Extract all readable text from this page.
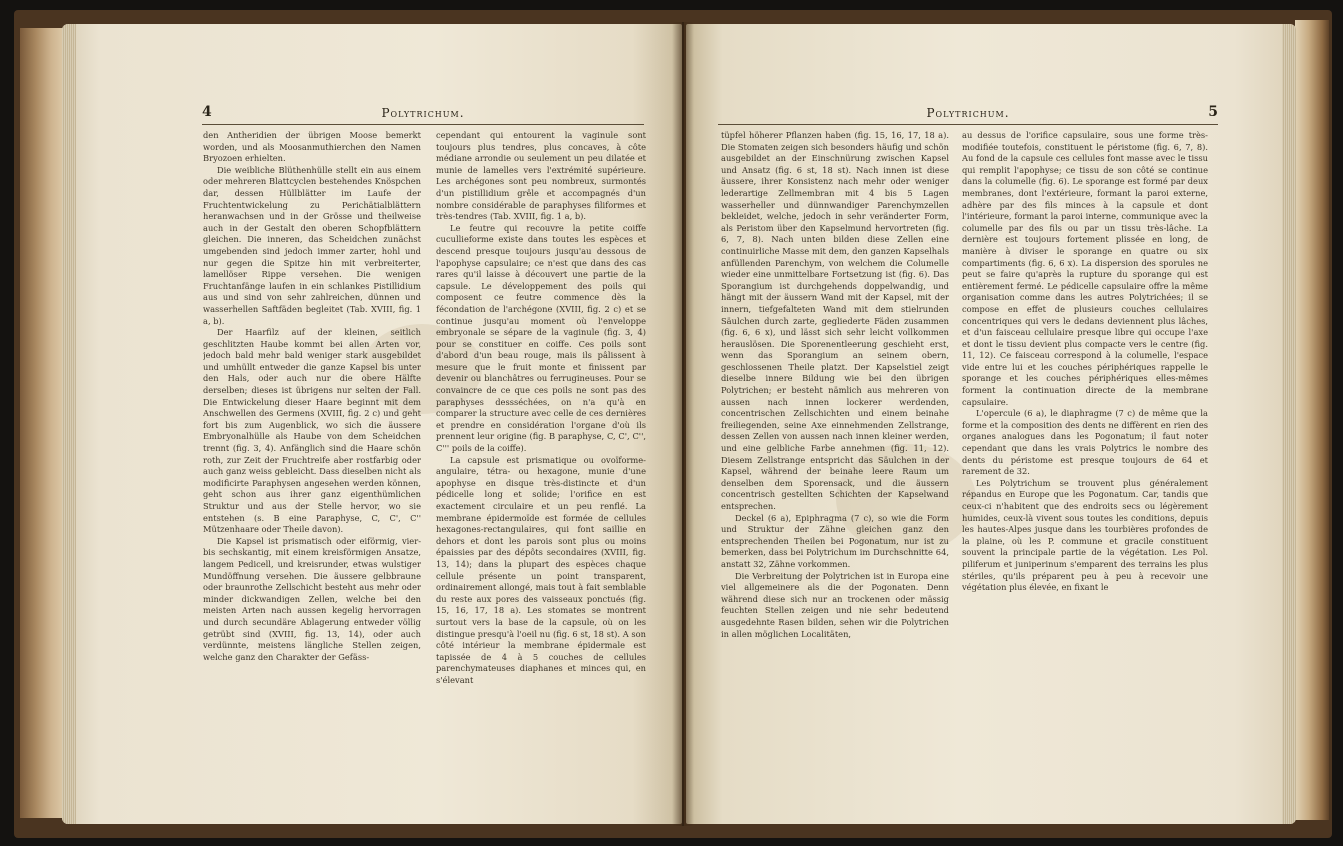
4	Polytrichum.

den Antheridien der übrigen Moose bemerkt worden, und als Moosanmuthierchen den Namen Bryozoen erhielten.

Die weibliche Blüthenhülle stellt ein aus einem oder mehreren Blattcyclen bestehendes Knöspchen dar, dessen Hüllblätter im Laufe der Fruchtentwickelung zu Perichätialblättern heranwachsen und in der Grösse und theilweise auch in der Gestalt den oberen Schopfblättern gleichen. Die inneren, das Scheidchen zunächst umgebenden sind jedoch immer zarter, hohl und nur gegen die Spitze hin mit verbreiterter, lamellöser Rippe versehen. Die wenigen Fruchtanfänge laufen in ein schlankes Pistillidium aus und sind von sehr zahlreichen, dünnen und wasserhellen Saftfäden begleitet (Tab. XVIII, fig. 1 a, b).

Der Haarfilz auf der kleinen, seitlich geschlitzten Haube kommt bei allen Arten vor, jedoch bald mehr bald weniger stark ausgebildet und umhüllt entweder die ganze Kapsel bis unter den Hals, oder auch nur die obere Hälfte derselben; dieses ist übrigens nur selten der Fall. Die Entwickelung dieser Haare beginnt mit dem Anschwellen des Germens (XVIII, fig. 2 c) und geht fort bis zum Augenblick, wo sich die äussere Embryonalhülle als Haube von dem Scheidchen trennt (fig. 3, 4). Anfänglich sind die Haare schön roth, zur Zeit der Fruchtreife aber rostfarbig oder auch ganz weiss gebleicht. Dass dieselben nicht als modificirte Paraphysen angesehen werden können, geht schon aus ihrer ganz eigenthümlichen Struktur und aus der Stelle hervor, wo sie entstehen (s. B eine Paraphyse, C, C', C'' Mützenhaare oder Theile davon).

Die Kapsel ist prismatisch oder eiförmig, vier- bis sechskantig, mit einem kreisförmigen Ansatze, langem Pedicell, und kreisrunder, etwas wulstiger Mundöffnung versehen. Die äussere gelbbraune oder braunrothe Zellschicht besteht aus mehr oder minder dickwandigen Zellen, welche bei den meisten Arten nach aussen kegelig hervorragen und durch secundäre Ablagerung entweder völlig getrübt sind (XVIII, fig. 13, 14), oder auch verdünnte, meistens längliche Stellen zeigen, welche ganz den Charakter der Gefäss-

cependant qui entourent la vaginule sont toujours plus tendres, plus concaves, à côte médiane arrondie ou seulement un peu dilatée et munie de lamelles vers l'extrémité supérieure. Les archégones sont peu nombreux, surmontés d'un pistillidium grêle et accompagnés d'un nombre considérable de paraphyses filiformes et très-tendres (Tab. XVIII, fig. 1 a, b).

Le feutre qui recouvre la petite coiffe cucullieforme existe dans toutes les espèces et descend presque toujours jusqu'au dessous de l'apophyse capsulaire; ce n'est que dans des cas rares qu'il laisse à découvert une partie de la capsule. Le développement des poils qui composent ce feutre commence dès la fécondation de l'archégone (XVIII, fig. 2 c) et se continue jusqu'au moment où l'enveloppe embryonale se sépare de la vaginule (fig. 3, 4) pour se constituer en coiffe. Ces poils sont d'abord d'un beau rouge, mais ils pâlissent à mesure que le fruit monte et finissent par devenir ou blanchâtres ou ferrugineuses. Pour se convaincre de ce que ces poils ne sont pas des paraphyses dessséchées, on n'a qu'à en comparer la structure avec celle de ces dernières et prendre en considération l'organe d'où ils prennent leur origine (fig. B paraphyse, C, C', C'', C''' poils de la coiffe).

La capsule est prismatique ou ovoïforme-angulaire, tétra- ou hexagone, munie d'une apophyse en disque très-distincte et d'un pédicelle long et solide; l'orifice en est exactement circulaire et un peu renflé. La membrane épidermoïde est formée de cellules hexagones-rectangulaires, qui font saillie en dehors et dont les parois sont plus ou moins épaissies par des dépôts secondaires (XVIII, fig. 13, 14); dans la plupart des espèces chaque cellule présente un point transparent, ordinairement allongé, mais tout à fait semblable du reste aux pores des vaisseaux ponctués (fig. 15, 16, 17, 18 a). Les stomates se montrent surtout vers la base de la capsule, où on les distingue presqu'à l'oeil nu (fig. 6 st, 18 st). A son côté intérieur la membrane épidermale est tapissée de 4 à 5 couches de cellules parenchymateuses diaphanes et minces qui, en s'élevant

Polytrichum.	5

tüpfel höherer Pflanzen haben (fig. 15, 16, 17, 18 a). Die Stomaten zeigen sich besonders häufig und schön ausgebildet an der Einschnürung zwischen Kapsel und Ansatz (fig. 6 st, 18 st). Nach innen ist diese äussere, ihrer Konsistenz nach mehr oder weniger lederartige Zellmembran mit 4 bis 5 Lagen wasserheller und dünnwandiger Parenchymzellen bekleidet, welche, jedoch in sehr veränderter Form, als Peristom über den Kapselmund hervortreten (fig. 6, 7, 8). Nach unten bilden diese Zellen eine continuirliche Masse mit dem, den ganzen Kapselhals anfüllenden Parenchym, von welchem die Columelle wieder eine unmittelbare Fortsetzung ist (fig. 6). Das Sporangium ist durchgehends doppelwandig, und hängt mit der äussern Wand mit der Kapsel, mit der innern, tiefgefalteten Wand mit dem stielrunden Säulchen durch zarte, gegliederte Fäden zusammen (fig. 6, 6 x), und lässt sich sehr leicht vollkommen herauslösen. Die Sporenentleerung geschieht erst, wenn das Sporangium an seinem obern, geschlossenen Theile platzt. Der Kapselstiel zeigt dieselbe innere Bildung wie bei den übrigen Polytrichen; er besteht nämlich aus mehreren von aussen nach innen lockerer werdenden, concentrischen Zellschichten und einem beinahe freiliegenden, seine Axe einnehmenden Zellstrange, dessen Zellen von aussen nach innen kleiner werden, und eine gelbliche Farbe annehmen (fig. 11, 12). Diesem Zellstrange entspricht das Säulchen in der Kapsel, während der beinahe leere Raum um denselben dem Sporensack, und die äussern concentrisch gestellten Schichten der Kapselwand entsprechen.

Deckel (6 a), Epiphragma (7 c), so wie die Form und Struktur der Zähne gleichen ganz den entsprechenden Theilen bei Pogonatum, nur ist zu bemerken, dass bei Polytrichum im Durchschnitte 64, anstatt 32, Zähne vorkommen.

Die Verbreitung der Polytrichen ist in Europa eine viel allgemeinere als die der Pogonaten. Denn während diese sich nur an trockenen oder mässig feuchten Stellen zeigen und nie sehr bedeutend ausgedehnte Rasen bilden, sehen wir die Polytrichen in allen möglichen Localitäten,

au dessus de l'orifice capsulaire, sous une forme très-modifiée toutefois, constituent le péristome (fig. 6, 7, 8). Au fond de la capsule ces cellules font masse avec le tissu qui remplit l'apophyse; ce tissu de son côté se continue dans la columelle (fig. 6). Le sporange est formé par deux membranes, dont l'extérieure, formant la paroi externe, adhère par des fils minces à la capsule et dont l'intérieure, formant la paroi interne, communique avec la columelle par des fils ou par un tissu très-lâche. La dernière est toujours fortement plissée en long, de manière à diviser le sporange en quatre ou six compartiments (fig. 6, 6 x). La dispersion des sporules ne peut se faire qu'après la rupture du sporange qui est entièrement fermé. Le pédicelle capsulaire offre la même organisation comme dans les autres Polytrichées; il se compose en effet de plusieurs couches cellulaires concentriques qui vers le dedans deviennent plus lâches, et d'un faisceau cellulaire presque libre qui occupe l'axe et dont le tissu devient plus compacte vers le centre (fig. 11, 12). Ce faisceau correspond à la columelle, l'espace vide entre lui et les couches périphériques rappelle le sporange et les couches périphériques elles-mêmes forment la continuation directe de la membrane capsulaire.

L'opercule (6 a), le diaphragme (7 c) de même que la forme et la composition des dents ne diffèrent en rien des organes analogues dans les Pogonatum; il faut noter cependant que dans les vrais Polytrics le nombre des dents du péristome est presque toujours de 64 et rarement de 32.

Les Polytrichum se trouvent plus généralement répandus en Europe que les Pogonatum. Car, tandis que ceux-ci n'habitent que des endroits secs ou légèrement humides, ceux-là vivent sous toutes les conditions, depuis les hautes-Alpes jusque dans les tourbières profondes de la plaine, où les P. commune et gracile constituent souvent la principale partie de la végétation. Les Pol. piliferum et juniperinum s'emparent des terrains les plus stériles, qu'ils préparent peu à peu à recevoir une végétation plus élevée, en fixant le
